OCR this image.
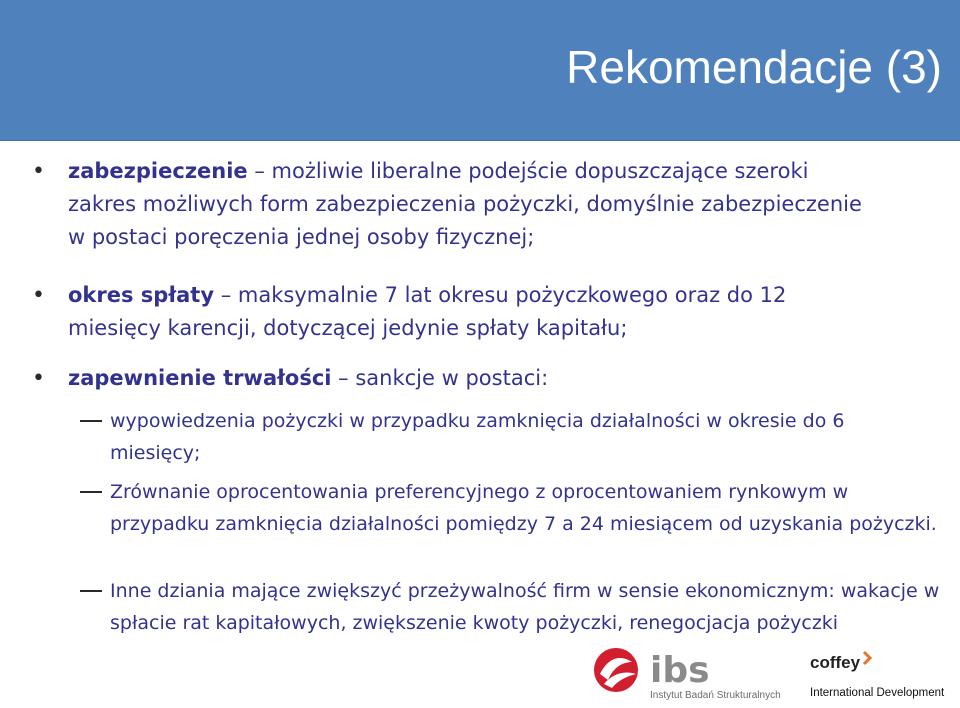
Rekomendacje (3)
•	zabezpieczenie – możliwie liberalne podejście dopuszczające szeroki zakres możliwych form zabezpieczenia pożyczki, domyślnie zabezpieczenie w postaci poręczenia jednej osoby fizycznej;
•	okres spłaty – maksymalnie 7 lat okresu pożyczkowego oraz do 12 miesięcy karencji, dotyczącej jedynie spłaty kapitału;
•	zapewnienie trwałości – sankcje w postaci:
wypowiedzenia pożyczki w przypadku zamknięcia działalności w okresie do 6 miesięcy;
Zrównanie oprocentowania preferencyjnego z oprocentowaniem rynkowym w przypadku zamknięcia działalności pomiędzy 7 a 24 miesiącem od uzyskania pożyczki.
Inne dziania mające zwiększyć przeżywalność firm w sensie ekonomicznym: wakacje w spłacie rat kapitałowych, zwiększenie kwoty pożyczki, renegocjacja pożyczki
ibs
Instytut Badań Strukturalnych
coffey
International Development
